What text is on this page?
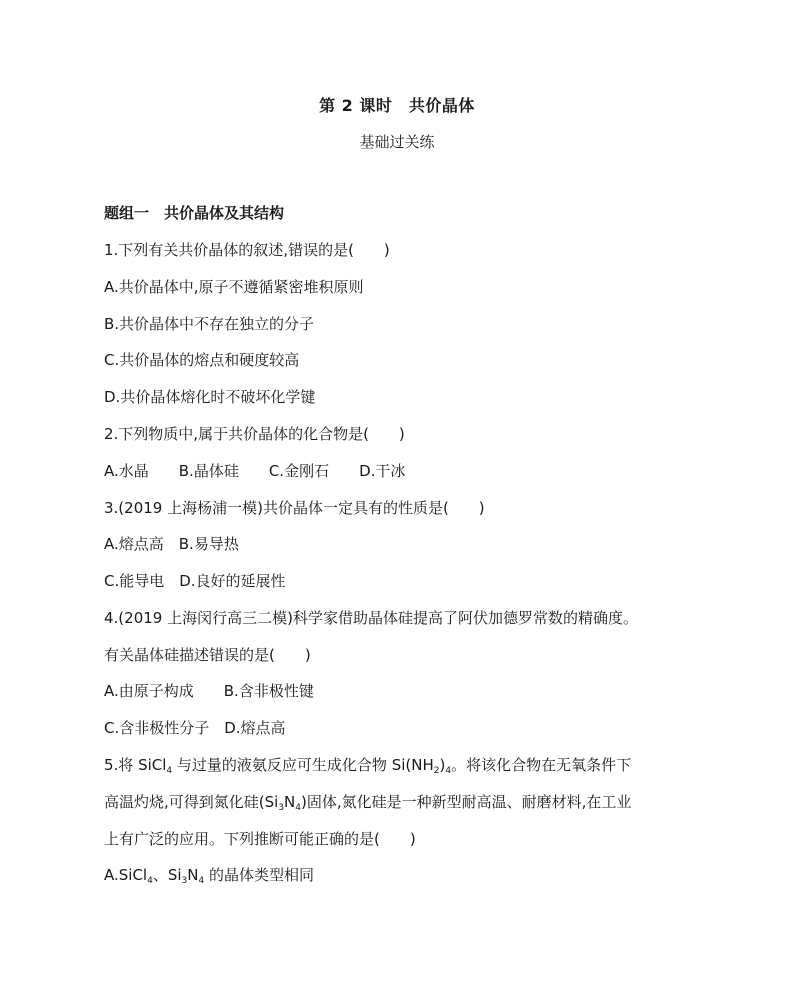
第 2 课时　共价晶体
基础过关练
题组一　共价晶体及其结构
1.下列有关共价晶体的叙述,错误的是(　　)
A.共价晶体中,原子不遵循紧密堆积原则
B.共价晶体中不存在独立的分子
C.共价晶体的熔点和硬度较高
D.共价晶体熔化时不破坏化学键
2.下列物质中,属于共价晶体的化合物是(　　)
A.水晶　　B.晶体硅　　C.金刚石　　D.干冰
3.(2019 上海杨浦一模)共价晶体一定具有的性质是(　　)
A.熔点高　B.易导热
C.能导电　D.良好的延展性
4.(2019 上海闵行高三二模)科学家借助晶体硅提高了阿伏加德罗常数的精确度。
有关晶体硅描述错误的是(　　)
A.由原子构成　　B.含非极性键
C.含非极性分子　D.熔点高
5.将 SiCl$_4$ 与过量的液氨反应可生成化合物 $Si(NH_2)_4$。将该化合物在无氧条件下
高温灼烧,可得到氮化硅$(Si_3N_4)$固体,氮化硅是一种新型耐高温、耐磨材料,在工业
上有广泛的应用。下列推断可能正确的是(　　)
A.SiCl$_4$、$Si_3N_4$ 的晶体类型相同
